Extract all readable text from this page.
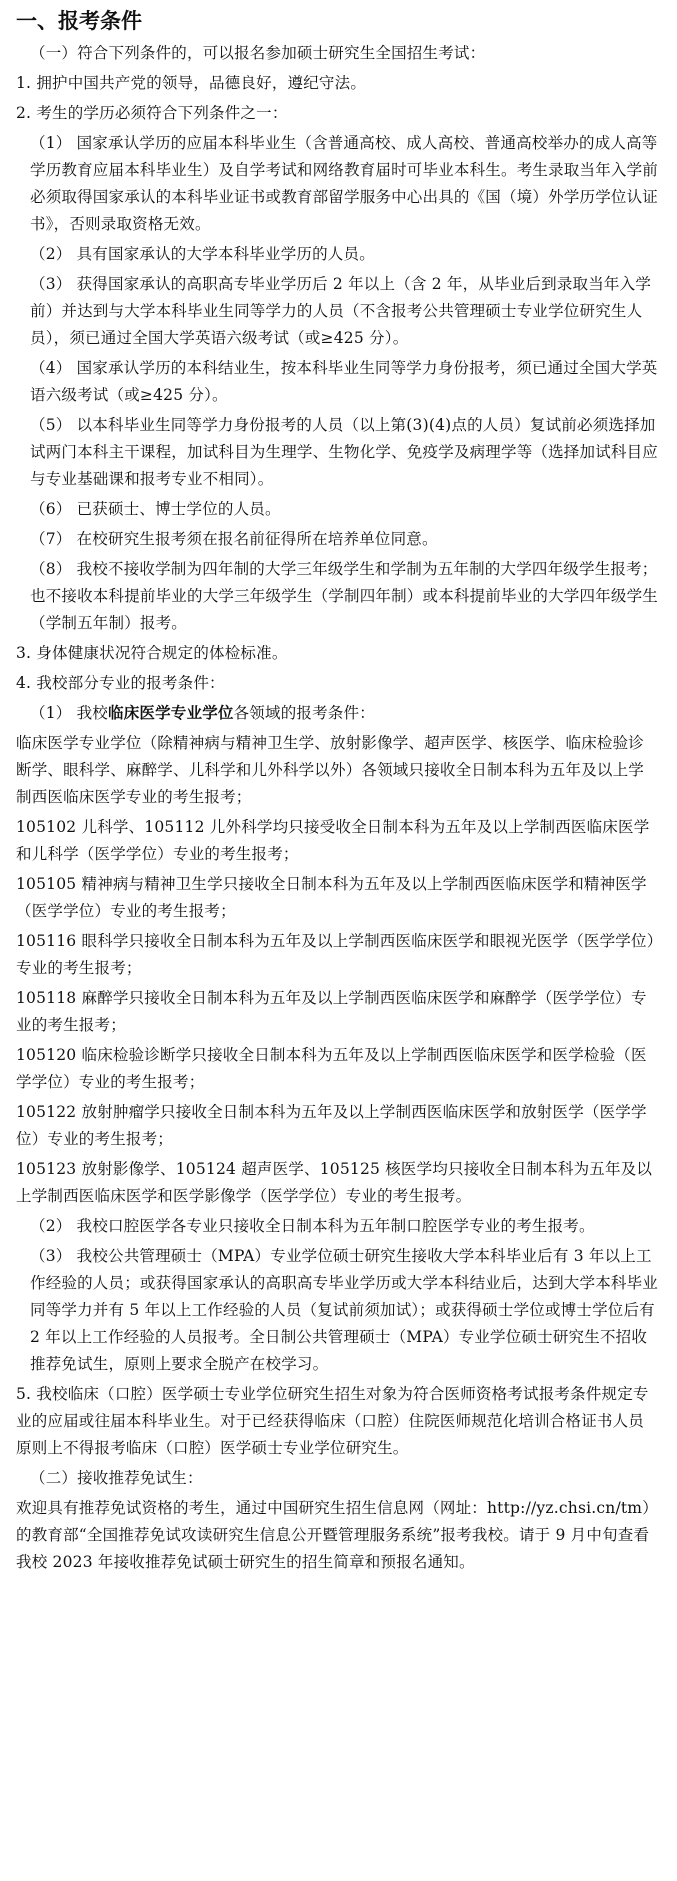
一、报考条件

（一）符合下列条件的，可以报名参加硕士研究生全国招生考试：

1. 拥护中国共产党的领导，品德良好，遵纪守法。

2. 考生的学历必须符合下列条件之一：

（1） 国家承认学历的应届本科毕业生（含普通高校、成人高校、普通高校举办的成人高等学历教育应届本科毕业生）及自学考试和网络教育届时可毕业本科生。考生录取当年入学前必须取得国家承认的本科毕业证书或教育部留学服务中心出具的《国（境）外学历学位认证书》，否则录取资格无效。

（2） 具有国家承认的大学本科毕业学历的人员。

（3） 获得国家承认的高职高专毕业学历后 2 年以上（含 2 年，从毕业后到录取当年入学前）并达到与大学本科毕业生同等学力的人员（不含报考公共管理硕士专业学位研究生人员），须已通过全国大学英语六级考试（或≥425 分）。

（4） 国家承认学历的本科结业生，按本科毕业生同等学力身份报考，须已通过全国大学英语六级考试（或≥425 分）。

（5） 以本科毕业生同等学力身份报考的人员（以上第(3)(4)点的人员）复试前必须选择加试两门本科主干课程，加试科目为生理学、生物化学、免疫学及病理学等（选择加试科目应与专业基础课和报考专业不相同）。

（6） 已获硕士、博士学位的人员。

（7） 在校研究生报考须在报名前征得所在培养单位同意。

（8） 我校不接收学制为四年制的大学三年级学生和学制为五年制的大学四年级学生报考；也不接收本科提前毕业的大学三年级学生（学制四年制）或本科提前毕业的大学四年级学生（学制五年制）报考。

3. 身体健康状况符合规定的体检标准。

4. 我校部分专业的报考条件：

（1） 我校临床医学专业学位各领域的报考条件：

临床医学专业学位（除精神病与精神卫生学、放射影像学、超声医学、核医学、临床检验诊断学、眼科学、麻醉学、儿科学和儿外科学以外）各领域只接收全日制本科为五年及以上学制西医临床医学专业的考生报考；

105102 儿科学、105112 儿外科学均只接受收全日制本科为五年及以上学制西医临床医学和儿科学（医学学位）专业的考生报考；

105105 精神病与精神卫生学只接收全日制本科为五年及以上学制西医临床医学和精神医学（医学学位）专业的考生报考；

105116 眼科学只接收全日制本科为五年及以上学制西医临床医学和眼视光医学（医学学位）专业的考生报考；

105118 麻醉学只接收全日制本科为五年及以上学制西医临床医学和麻醉学（医学学位）专业的考生报考；

105120 临床检验诊断学只接收全日制本科为五年及以上学制西医临床医学和医学检验（医学学位）专业的考生报考；

105122 放射肿瘤学只接收全日制本科为五年及以上学制西医临床医学和放射医学（医学学位）专业的考生报考；

105123 放射影像学、105124 超声医学、105125 核医学均只接收全日制本科为五年及以上学制西医临床医学和医学影像学（医学学位）专业的考生报考。

（2） 我校口腔医学各专业只接收全日制本科为五年制口腔医学专业的考生报考。

（3） 我校公共管理硕士（MPA）专业学位硕士研究生接收大学本科毕业后有 3 年以上工作经验的人员；或获得国家承认的高职高专毕业学历或大学本科结业后，达到大学本科毕业同等学力并有 5 年以上工作经验的人员（复试前须加试）；或获得硕士学位或博士学位后有 2 年以上工作经验的人员报考。全日制公共管理硕士（MPA）专业学位硕士研究生不招收推荐免试生，原则上要求全脱产在校学习。

5. 我校临床（口腔）医学硕士专业学位研究生招生对象为符合医师资格考试报考条件规定专业的应届或往届本科毕业生。对于已经获得临床（口腔）住院医师规范化培训合格证书人员原则上不得报考临床（口腔）医学硕士专业学位研究生。

（二）接收推荐免试生：

欢迎具有推荐免试资格的考生，通过中国研究生招生信息网（网址：http://yz.chsi.cn/tm）的教育部“全国推荐免试攻读研究生信息公开暨管理服务系统”报考我校。请于 9 月中旬查看我校 2023 年接收推荐免试硕士研究生的招生简章和预报名通知。
